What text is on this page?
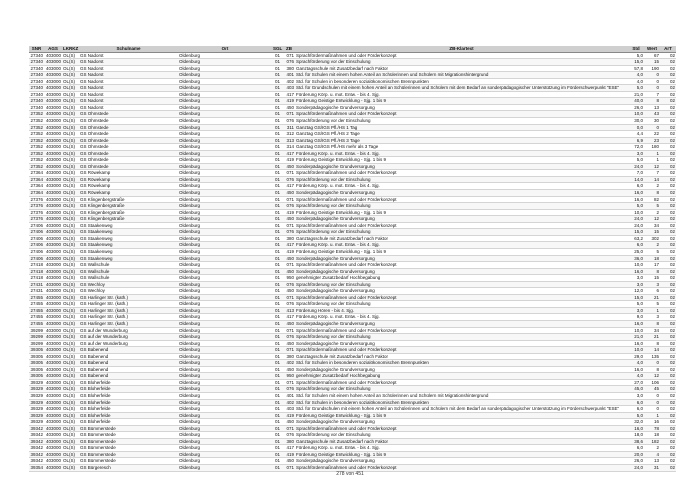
SNR	AGS	LKRKZ	Schulname	Ort	SGL	ZB	ZB-Klartext	Std	Wert	ArT
27340	403000	OL(S)	GS Nadorst	Oldenburg	01	071	Sprachfördermaßnahmen und oder Förderkonzept	5,0	67	02
27340	403000	OL(S)	GS Nadorst	Oldenburg	01	076	Sprachförderung vor der Einschulung	15,0	15	02
27340	403000	OL(S)	GS Nadorst	Oldenburg	01	380	Ganztagsschule mit Zusatzbedarf nach Faktor	57,8	190	02
27340	403000	OL(S)	GS Nadorst	Oldenburg	01	401	Std. für Schulen mit einem hohen Anteil an Schülerinnen und Schülern mit Migrationshintergrund	4,0	0	02
27340	403000	OL(S)	GS Nadorst	Oldenburg	01	402	Std. für Schulen in besonderen sozialökonomischen Brennpunkten	4,0	0	02
27340	403000	OL(S)	GS Nadorst	Oldenburg	01	403	Std. für Grundschulen mit einem hohen Anteil an Schülerinnen und Schülern mit dem Bedarf an sonderpädagogischer Unterstützung im Förderschwerpunkt "ESE"	5,0	0	02
27340	403000	OL(S)	GS Nadorst	Oldenburg	01	417	Förderung Körp. u. mot. Entw. - bis 4. Sjg.	21,0	7	02
27340	403000	OL(S)	GS Nadorst	Oldenburg	01	419	Förderung Geistige Entwicklung - Sjg. 1 bis 9	40,0	8	02
27340	403000	OL(S)	GS Nadorst	Oldenburg	01	450	Sonderpädagogische Grundversorgung	26,0	13	02
27352	403000	OL(S)	GS Ohmstede	Oldenburg	01	071	Sprachfördermaßnahmen und oder Förderkonzept	10,0	43	02
27352	403000	OL(S)	GS Ohmstede	Oldenburg	01	076	Sprachförderung vor der Einschulung	30,0	30	02
27352	403000	OL(S)	GS Ohmstede	Oldenburg	01	311	Ganztag GS/IGS Pfl./HS 1 Tag	0,0	0	02
27352	403000	OL(S)	GS Ohmstede	Oldenburg	01	312	Ganztag GS/IGS Pfl./HS 2 Tage	4,4	22	02
27352	403000	OL(S)	GS Ohmstede	Oldenburg	01	313	Ganztag GS/IGS Pfl./HS 3 Tage	6,9	23	02
27352	403000	OL(S)	GS Ohmstede	Oldenburg	01	314	Ganztag GS/IGS Pfl./HS mehr als 3 Tage	72,0	180	02
27352	403000	OL(S)	GS Ohmstede	Oldenburg	01	417	Förderung Körp. u. mot. Entw. - bis 4. Sjg.	3,0	1	02
27352	403000	OL(S)	GS Ohmstede	Oldenburg	01	419	Förderung Geistige Entwicklung - Sjg. 1 bis 9	5,0	1	02
27352	403000	OL(S)	GS Ohmstede	Oldenburg	01	450	Sonderpädagogische Grundversorgung	24,0	12	02
27364	403000	OL(S)	GS Röwekamp	Oldenburg	01	071	Sprachfördermaßnahmen und oder Förderkonzept	7,0	7	02
27364	403000	OL(S)	GS Röwekamp	Oldenburg	01	076	Sprachförderung vor der Einschulung	14,0	14	02
27364	403000	OL(S)	GS Röwekamp	Oldenburg	01	417	Förderung Körp. u. mot. Entw. - bis 4. Sjg.	6,0	2	02
27364	403000	OL(S)	GS Röwekamp	Oldenburg	01	450	Sonderpädagogische Grundversorgung	16,0	8	02
27376	403000	OL(S)	GS Klingenbergstraße	Oldenburg	01	071	Sprachfördermaßnahmen und oder Förderkonzept	16,0	82	02
27376	403000	OL(S)	GS Klingenbergstraße	Oldenburg	01	076	Sprachförderung vor der Einschulung	5,0	5	02
27376	403000	OL(S)	GS Klingenbergstraße	Oldenburg	01	419	Förderung Geistige Entwicklung - Sjg. 1 bis 9	10,0	2	02
27376	403000	OL(S)	GS Klingenbergstraße	Oldenburg	01	450	Sonderpädagogische Grundversorgung	24,0	12	02
27406	403000	OL(S)	GS Staakenweg	Oldenburg	01	071	Sprachfördermaßnahmen und oder Förderkonzept	24,0	34	02
27406	403000	OL(S)	GS Staakenweg	Oldenburg	01	076	Sprachförderung vor der Einschulung	15,0	15	02
27406	403000	OL(S)	GS Staakenweg	Oldenburg	01	380	Ganztagsschule mit Zusatzbedarf nach Faktor	63,2	302	02
27406	403000	OL(S)	GS Staakenweg	Oldenburg	01	417	Förderung Körp. u. mot. Entw. - bis 4. Sjg.	6,0	2	02
27406	403000	OL(S)	GS Staakenweg	Oldenburg	01	419	Förderung Geistige Entwicklung - Sjg. 1 bis 9	25,0	5	02
27406	403000	OL(S)	GS Staakenweg	Oldenburg	01	450	Sonderpädagogische Grundversorgung	36,0	18	02
27418	403000	OL(S)	GS Wallschule	Oldenburg	01	071	Sprachfördermaßnahmen und oder Förderkonzept	10,0	17	02
27418	403000	OL(S)	GS Wallschule	Oldenburg	01	450	Sonderpädagogische Grundversorgung	16,0	8	02
27418	403000	OL(S)	GS Wallschule	Oldenburg	01	950	genehmigter Zusatzbedarf Hochbegabung	3,0	15	02
27431	403000	OL(S)	GS Wechloy	Oldenburg	01	076	Sprachförderung vor der Einschulung	3,0	3	02
27431	403000	OL(S)	GS Wechloy	Oldenburg	01	450	Sonderpädagogische Grundversorgung	12,0	6	02
27455	403000	OL(S)	GS Harlinger Str. (kath.)	Oldenburg	01	071	Sprachfördermaßnahmen und oder Förderkonzept	15,0	21	02
27455	403000	OL(S)	GS Harlinger Str. (kath.)	Oldenburg	01	076	Sprachförderung vor der Einschulung	5,0	5	02
27455	403000	OL(S)	GS Harlinger Str. (kath.)	Oldenburg	01	413	Förderung Hören - bis 4. Sjg.	3,0	1	02
27455	403000	OL(S)	GS Harlinger Str. (kath.)	Oldenburg	01	417	Förderung Körp. u. mot. Entw. - bis 4. Sjg.	9,0	3	02
27455	403000	OL(S)	GS Harlinger Str. (kath.)	Oldenburg	01	450	Sonderpädagogische Grundversorgung	16,0	8	02
39299	403000	OL(S)	GS auf der Wunderburg	Oldenburg	01	071	Sprachfördermaßnahmen und oder Förderkonzept	10,0	34	02
39299	403000	OL(S)	GS auf der Wunderburg	Oldenburg	01	076	Sprachförderung vor der Einschulung	21,0	21	02
39299	403000	OL(S)	GS auf der Wunderburg	Oldenburg	01	450	Sonderpädagogische Grundversorgung	16,0	8	02
39305	403000	OL(S)	GS Babenend	Oldenburg	01	071	Sprachfördermaßnahmen und oder Förderkonzept	10,0	14	02
39305	403000	OL(S)	GS Babenend	Oldenburg	01	380	Ganztagsschule mit Zusatzbedarf nach Faktor	29,0	135	02
39305	403000	OL(S)	GS Babenend	Oldenburg	01	402	Std. für Schulen in besonderen sozialökonomischen Brennpunkten	4,0	0	02
39305	403000	OL(S)	GS Babenend	Oldenburg	01	450	Sonderpädagogische Grundversorgung	16,0	8	02
39305	403000	OL(S)	GS Babenend	Oldenburg	01	950	genehmigter Zusatzbedarf Hochbegabung	4,0	12	02
39329	403000	OL(S)	GS Bloherfelde	Oldenburg	01	071	Sprachfördermaßnahmen und oder Förderkonzept	27,0	106	02
39329	403000	OL(S)	GS Bloherfelde	Oldenburg	01	076	Sprachförderung vor der Einschulung	45,0	45	02
39329	403000	OL(S)	GS Bloherfelde	Oldenburg	01	401	Std. für Schulen mit einem hohen Anteil an Schülerinnen und Schülern mit Migrationshintergrund	3,0	0	02
39329	403000	OL(S)	GS Bloherfelde	Oldenburg	01	402	Std. für Schulen in besonderen sozialökonomischen Brennpunkten	6,0	0	02
39329	403000	OL(S)	GS Bloherfelde	Oldenburg	01	403	Std. für Grundschulen mit einem hohen Anteil an Schülerinnen und Schülern mit dem Bedarf an sonderpädagogischer Unterstützung im Förderschwerpunkt "ESE"	6,0	0	02
39329	403000	OL(S)	GS Bloherfelde	Oldenburg	01	419	Förderung Geistige Entwicklung - Sjg. 1 bis 9	5,0	1	02
39329	403000	OL(S)	GS Bloherfelde	Oldenburg	01	450	Sonderpädagogische Grundversorgung	32,0	16	02
39342	403000	OL(S)	GS Bümmerstede	Oldenburg	01	071	Sprachfördermaßnahmen und oder Förderkonzept	16,0	78	02
39342	403000	OL(S)	GS Bümmerstede	Oldenburg	01	076	Sprachförderung vor der Einschulung	18,0	18	02
39342	403000	OL(S)	GS Bümmerstede	Oldenburg	01	380	Ganztagsschule mit Zusatzbedarf nach Faktor	38,6	182	02
39342	403000	OL(S)	GS Bümmerstede	Oldenburg	01	417	Förderung Körp. u. mot. Entw. - bis 4. Sjg.	6,0	2	02
39342	403000	OL(S)	GS Bümmerstede	Oldenburg	01	419	Förderung Geistige Entwicklung - Sjg. 1 bis 9	20,0	4	02
39342	403000	OL(S)	GS Bümmerstede	Oldenburg	01	450	Sonderpädagogische Grundversorgung	26,0	13	02
39354	403000	OL(S)	GS Bürgeresch	Oldenburg	01	071	Sprachfördermaßnahmen und oder Förderkonzept	24,0	31	02
278 von 451
